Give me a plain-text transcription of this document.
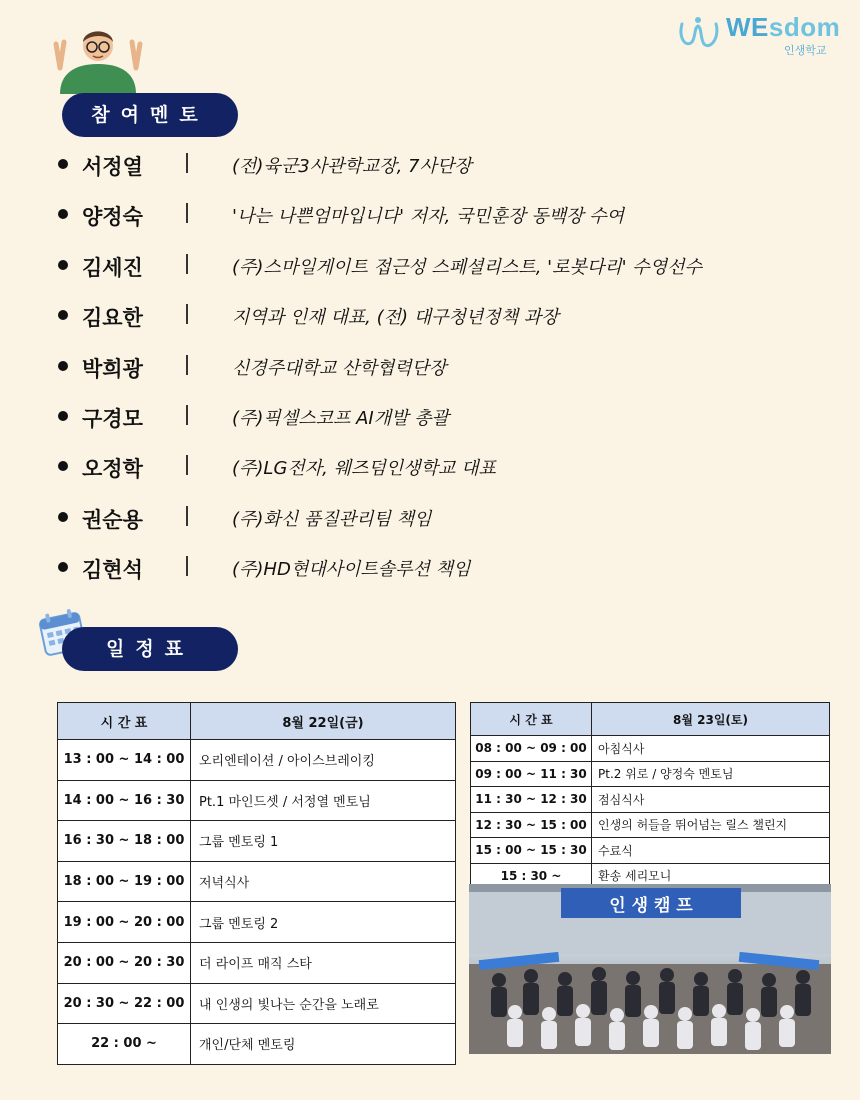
WEsdom
인생학교
참여멘토
서정열	(전)육군3사관학교장, 7사단장
양정숙	'나는 나쁜엄마입니다' 저자, 국민훈장 동백장 수여
김세진	(주)스마일게이트 접근성 스페셜리스트, '로봇다리' 수영선수
김요한	지역과 인재 대표, (전) 대구청년정책 과장
박희광	신경주대학교 산학협력단장
구경모	(주)픽셀스코프 AI개발 총괄
오정학	(주)LG전자, 웨즈덤인생학교 대표
권순용	(주)화신 품질관리팀 책임
김현석	(주)HD현대사이트솔루션 책임
일정표
시 간 표	8월 22일(금)
13 : 00 ~ 14 : 00	오리엔테이션 / 아이스브레이킹
14 : 00 ~ 16 : 30	Pt.1 마인드셋 / 서정열 멘토님
16 : 30 ~ 18 : 00	그룹 멘토링 1
18 : 00 ~ 19 : 00	저녁식사
19 : 00 ~ 20 : 00	그룹 멘토링 2
20 : 00 ~ 20 : 30	더 라이프 매직 스타
20 : 30 ~ 22 : 00	내 인생의 빛나는 순간을 노래로
22 : 00 ~	개인/단체 멘토링
시 간 표	8월 23일(토)
08 : 00 ~ 09 : 00	아침식사
09 : 00 ~ 11 : 30	Pt.2 위로 / 양정숙 멘토님
11 : 30 ~ 12 : 30	점심식사
12 : 30 ~ 15 : 00	인생의 허들을 뛰어넘는 릴스 챌린지
15 : 00 ~ 15 : 30	수료식
15 : 30 ~	환송 세리모니
인 생 캠 프
